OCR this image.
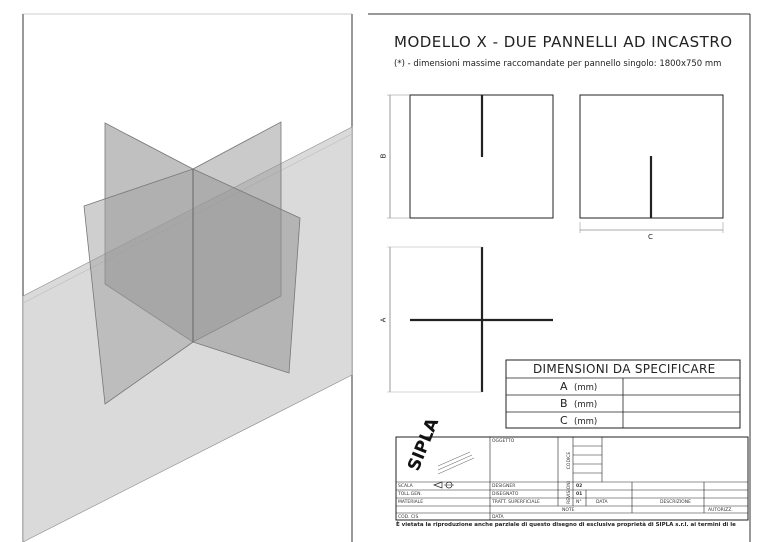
SIPLA
MODELLO X - DUE PANNELLI AD INCASTRO
(*) - dimensioni massime raccomandate per pannello singolo: 1800x750 mm
B
C
A
DIMENSIONI DA SPECIFICARE
A (mm)
B (mm)
C (mm)
OGGETTO
CODICE
SCALA
TOLL.GEN.
MATERIALE
COD. CIS
DESIGNER
DISEGNATO
TRATT. SUPERFICIALE
DATA
REVISIONI 02
01
N°	DATA	DESCRIZIONE
AUTORIZZ.
NOTE
È vietata la riproduzione anche parziale di questo disegno di esclusiva proprietà di SIPLA s.r.l. ai termini di le
